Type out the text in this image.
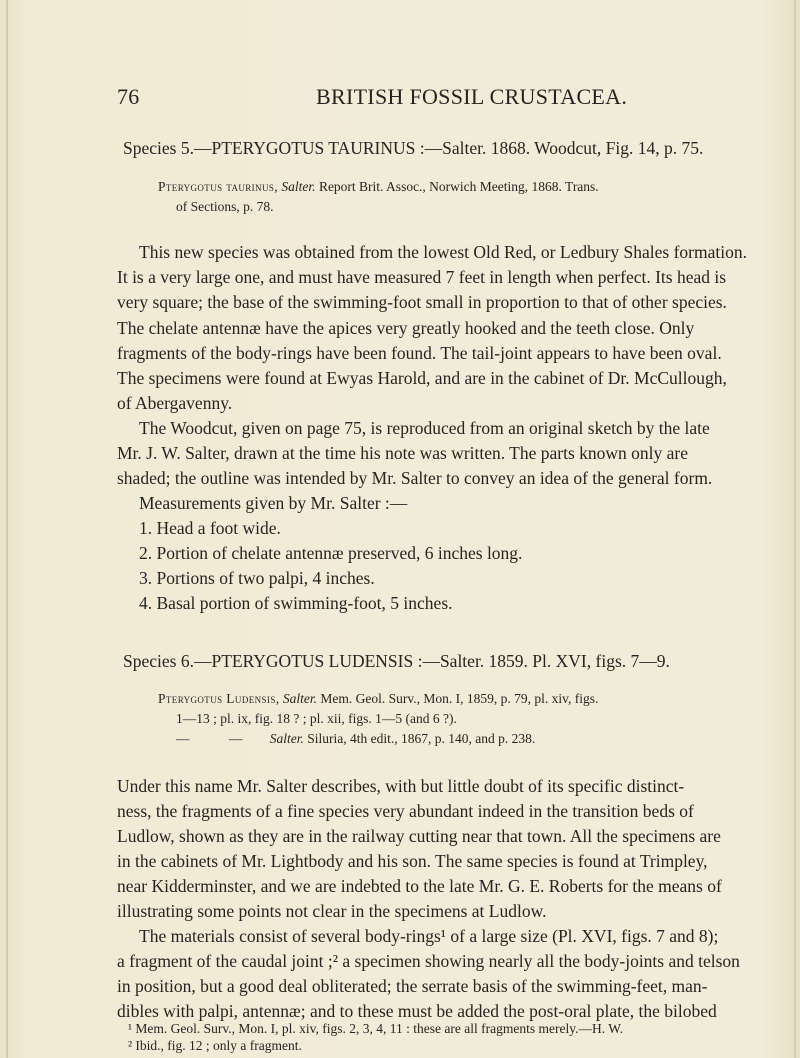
76	BRITISH FOSSIL CRUSTACEA.
Species 5.—PTERYGOTUS TAURINUS :—Salter. 1868. Woodcut, Fig. 14, p. 75.
Pterygotus taurinus, Salter. Report Brit. Assoc., Norwich Meeting, 1868. Trans.
of Sections, p. 78.
This new species was obtained from the lowest Old Red, or Ledbury Shales formation.
It is a very large one, and must have measured 7 feet in length when perfect. Its head is
very square; the base of the swimming-foot small in proportion to that of other species.
The chelate antennæ have the apices very greatly hooked and the teeth close. Only
fragments of the body-rings have been found. The tail-joint appears to have been oval.
The specimens were found at Ewyas Harold, and are in the cabinet of Dr. McCullough,
of Abergavenny.
The Woodcut, given on page 75, is reproduced from an original sketch by the late
Mr. J. W. Salter, drawn at the time his note was written. The parts known only are
shaded; the outline was intended by Mr. Salter to convey an idea of the general form.
Measurements given by Mr. Salter :—
1. Head a foot wide.
2. Portion of chelate antennæ preserved, 6 inches long.
3. Portions of two palpi, 4 inches.
4. Basal portion of swimming-foot, 5 inches.
Species 6.—PTERYGOTUS LUDENSIS :—Salter. 1859. Pl. XVI, figs. 7—9.
Pterygotus Ludensis, Salter. Mem. Geol. Surv., Mon. I, 1859, p. 79, pl. xiv, figs.
1—13 ; pl. ix, fig. 18 ? ; pl. xii, figs. 1—5 (and 6 ?).
— — Salter. Siluria, 4th edit., 1867, p. 140, and p. 238.
Under this name Mr. Salter describes, with but little doubt of its specific distinct-
ness, the fragments of a fine species very abundant indeed in the transition beds of
Ludlow, shown as they are in the railway cutting near that town. All the specimens are
in the cabinets of Mr. Lightbody and his son. The same species is found at Trimpley,
near Kidderminster, and we are indebted to the late Mr. G. E. Roberts for the means of
illustrating some points not clear in the specimens at Ludlow.
The materials consist of several body-rings¹ of a large size (Pl. XVI, figs. 7 and 8);
a fragment of the caudal joint ;² a specimen showing nearly all the body-joints and telson
in position, but a good deal obliterated; the serrate basis of the swimming-feet, man-
dibles with palpi, antennæ; and to these must be added the post-oral plate, the bilobed
¹ Mem. Geol. Surv., Mon. I, pl. xiv, figs. 2, 3, 4, 11 : these are all fragments merely.—H. W.
² Ibid., fig. 12 ; only a fragment.
